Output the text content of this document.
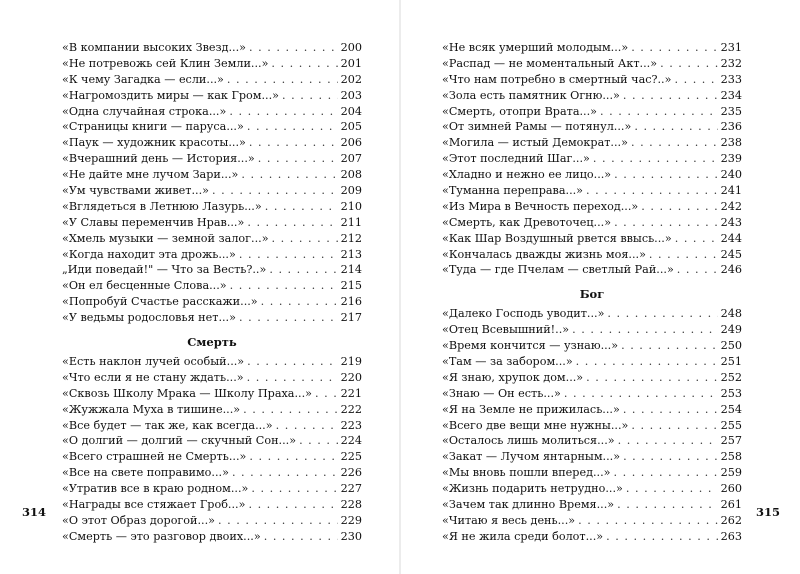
«В компании высоких Звезд...» . . .	200
«Не потревожь сей Клин Земли...» . . .	201
«К чему Загадка — если...» . . .	202
«Нагромоздить миры — как Гром...» . . .	203
«Одна случайная строка...» . . .	204
«Страницы книги — паруса...» . . .	205
«Паук — художник красоты...» . . .	206
«Вчерашний день — История...» . . .	207
«Не дайте мне лучом Зари...» . . .	208
«Ум чувствами живет...» . . .	209
«Вглядеться в Летнюю Лазурь...» . . .	210
«У Славы переменчив Нрав...» . . .	211
«Хмель музыки — земной залог...» . . .	212
«Когда находит эта дрожь...» . . .	213
„Иди поведай!" — Что за Весть?..» . . .	214
«Он ел бесценные Слова...» . . .	215
«Попробуй Счастье расскажи...» . . .	216
«У ведьмы родословья нет...» . . .	217
Смерть
«Есть наклон лучей особый...» . . .	219
«Что если я не стану ждать...» . . .	220
«Сквозь Школу Мрака — Школу Праха...» . . .	221
«Жужжала Муха в тишине...» . . .	222
«Все будет — так же, как всегда...» . . .	223
«О долгий — долгий — скучный Сон...» . . .	224
«Всего страшней не Смерть...» . . .	225
«Все на свете поправимо...» . . .	226
«Утратив все в краю родном...» . . .	227
«Награды все стяжает Гроб...» . . .	228
«О этот Образ дорогой...» . . .	229
«Смерть — это разговор двоих...» . . .	230
«Не всяк умерший молодым...» . . .	231
«Распад — не моментальный Акт...» . . .	232
«Что нам потребно в смертный час?..» . . .	233
«Зола есть памятник Огню...» . . .	234
«Смерть, отопри Врата...» . . .	235
«От зимней Рамы — потянул...» . . .	236
«Могила — истый Демократ...» . . .	238
«Этот последний Шаг...» . . .	239
«Хладно и нежно ее лицо...» . . .	240
«Туманна переправа...» . . .	241
«Из Мира в Вечность переход...» . . .	242
«Смерть, как Древоточец...» . . .	243
«Как Шар Воздушный рвется ввысь...» . . .	244
«Кончалась дважды жизнь моя...» . . .	245
«Туда — где Пчелам — светлый Рай...» . . .	246
Бог
«Далеко Господь уводит...» . . .	248
«Отец Всевышний!..» . . .	249
«Время кончится — узнаю...» . . .	250
«Там — за забором...» . . .	251
«Я знаю, хрупок дом...» . . .	252
«Знаю — Он есть...» . . .	253
«Я на Земле не прижилась...» . . .	254
«Всего две вещи мне нужны...» . . .	255
«Осталось лишь молиться...» . . .	257
«Закат — Лучом янтарным...» . . .	258
«Мы вновь пошли вперед...» . . .	259
«Жизнь подарить нетрудно...» . . .	260
«Зачем так длинно Время...» . . .	261
«Читаю я весь день...» . . .	262
«Я не жила среди болот...» . . .	263
314	315
